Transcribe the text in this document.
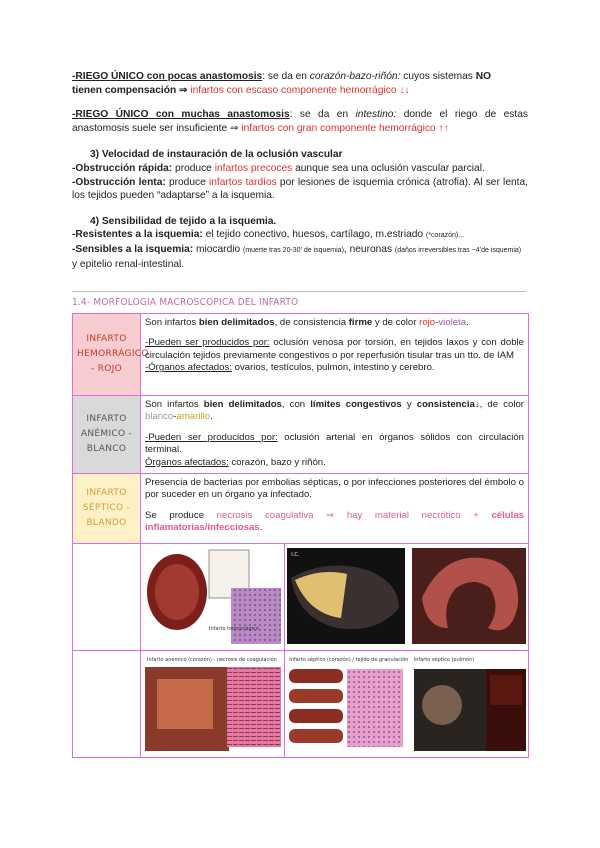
-RIEGO ÚNICO con pocas anastomosis: se da en corazón-bazo-riñón: cuyos sistemas NO
tienen compensación ⇒ infartos con escaso componente hemorrágico ↓↓

-RIEGO ÚNICO con muchas anastomosis: se da en intestino: donde el riego de estas anastomosis suele ser insuficiente ⇒ infartos con gran componente hemorrágico ↑↑

3) Velocidad de instauración de la oclusión vascular

-Obstrucción rápida: produce infartos precoces aunque sea una oclusión vascular parcial.

-Obstrucción lenta: produce infartos tardíos por lesiones de isquemia crónica (atrofia). Al ser lenta, los tejidos pueden “adaptarse” a la isquemia.

4) Sensibilidad de tejido a la isquemia.

-Resistentes a la isquemia: el tejido conectivo, huesos, cartílago, m.estriado (*corazón)...

-Sensibles a la isquemia: miocardio (muerte tras 20-30’ de isquemia), neuronas (daños irreversibles tras ~4’de isquemia) y epitelio renal-intestinal.

1.4- MORFOLOGIA MACROSCOPICA DEL INFARTO
INFARTO HEMORRÁGICO - ROJO	Son infartos bien delimitados, de consistencia firme y de color rojo-violeta.

-Pueden ser producidos por: oclusión venosa por torsión, en tejidos laxos y con doble circulación tejidos previamente congestivos o por reperfusión tisular tras un tto. de IAM

-Órganos afectados: ovarios, testículos, pulmon, intestino y cerebro.	

INFARTO ANÉMICO - BLANCO	Son infartos bien delimitados, con límites congestivos y consistencia↓, de color blanco-amarillo.

-Pueden ser producidos por: oclusión arterial en órganos sólidos con circulación terminal.

Órganos afectados: corazón, bazo y riñón.	

INFARTO SÉPTICO - BLANDO	Presencia de bacterias por embolias sépticas, o por infecciones posteriores del émbolo o por suceder en un órgano ya infectado.

Se produce necrosis coagulativa ⇒ hay material necrótico + células inflamatorias/infecciosas.	

	Infarto hemorrágico	I.C.

	Infarto anémico (corazón) - necrosis de coagulación	Infarto séptico (corazón) / tejido de granulación Infarto séptico (pulmón)
